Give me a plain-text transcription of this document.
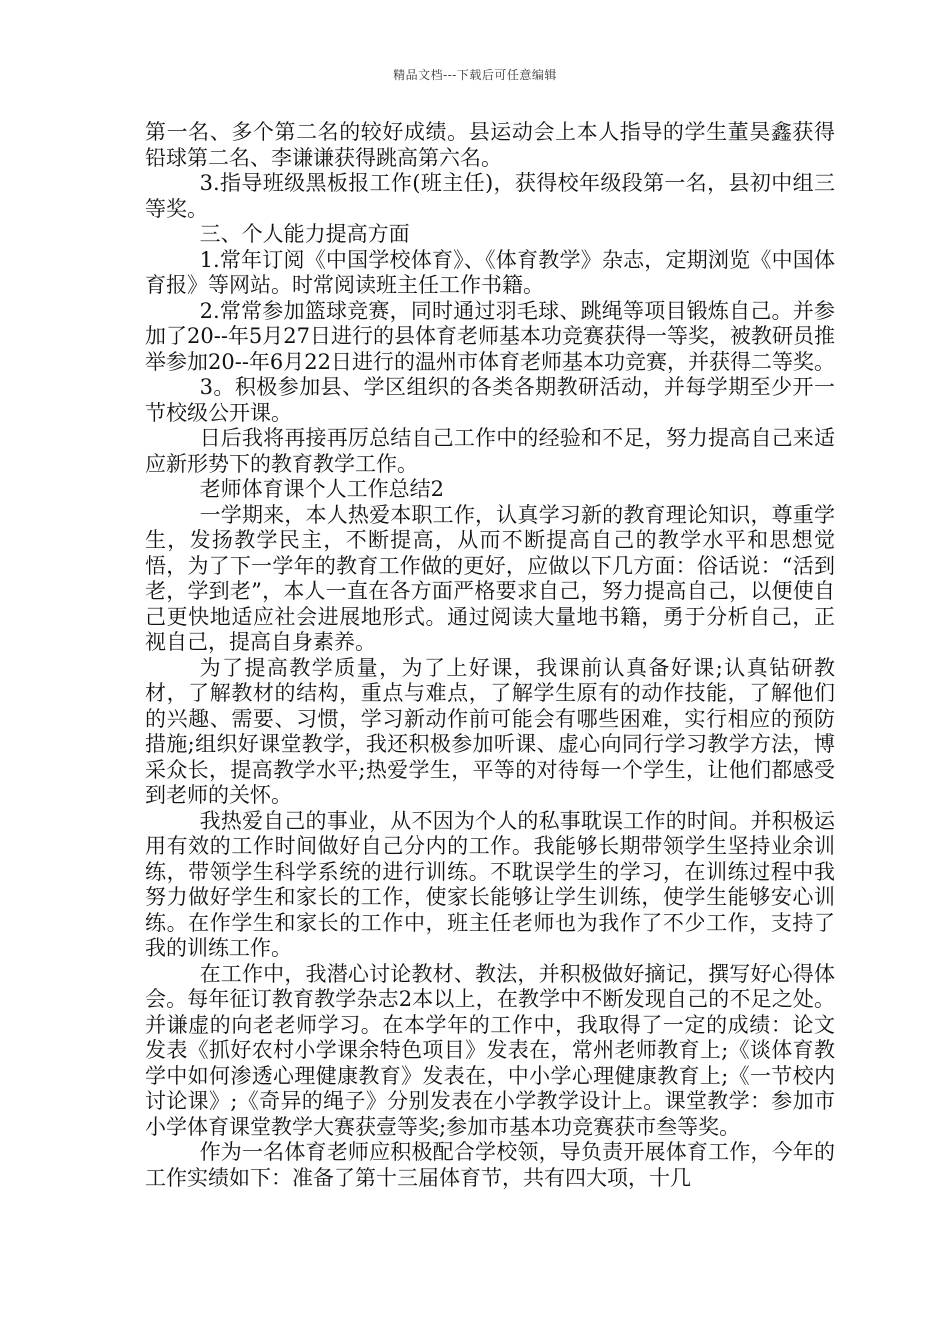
精品文档---下载后可任意编辑

第一名、多个第二名的较好成绩。县运动会上本人指导的学生董昊鑫获得铅球第二名、李谦谦获得跳高第六名。

3.指导班级黑板报工作(班主任)，获得校年级段第一名，县初中组三等奖。

三、个人能力提高方面

1.常年订阅《中国学校体育》、《体育教学》杂志，定期浏览《中国体育报》等网站。时常阅读班主任工作书籍。

2.常常参加篮球竞赛，同时通过羽毛球、跳绳等项目锻炼自己。并参加了20--年5月27日进行的县体育老师基本功竞赛获得一等奖，被教研员推举参加20--年6月22日进行的温州市体育老师基本功竞赛，并获得二等奖。

3。积极参加县、学区组织的各类各期教研活动，并每学期至少开一节校级公开课。

日后我将再接再厉总结自己工作中的经验和不足，努力提高自己来适应新形势下的教育教学工作。

老师体育课个人工作总结2

一学期来，本人热爱本职工作，认真学习新的教育理论知识，尊重学生，发扬教学民主，不断提高，从而不断提高自己的教学水平和思想觉悟，为了下一学年的教育工作做的更好，应做以下几方面：俗话说：“活到老，学到老”，本人一直在各方面严格要求自己，努力提高自己，以便使自己更快地适应社会进展地形式。通过阅读大量地书籍，勇于分析自己，正视自己，提高自身素养。

为了提高教学质量，为了上好课，我课前认真备好课;认真钻研教材，了解教材的结构，重点与难点，了解学生原有的动作技能，了解他们的兴趣、需要、习惯，学习新动作前可能会有哪些困难，实行相应的预防措施;组织好课堂教学，我还积极参加听课、虚心向同行学习教学方法，博采众长，提高教学水平;热爱学生，平等的对待每一个学生，让他们都感受到老师的关怀。

我热爱自己的事业，从不因为个人的私事耽误工作的时间。并积极运用有效的工作时间做好自己分内的工作。我能够长期带领学生坚持业余训练，带领学生科学系统的进行训练。不耽误学生的学习，在训练过程中我努力做好学生和家长的工作，使家长能够让学生训练，使学生能够安心训练。在作学生和家长的工作中，班主任老师也为我作了不少工作，支持了我的训练工作。

在工作中，我潜心讨论教材、教法，并积极做好摘记，撰写好心得体会。每年征订教育教学杂志2本以上，在教学中不断发现自己的不足之处。并谦虚的向老老师学习。在本学年的工作中，我取得了一定的成绩：论文发表《抓好农村小学课余特色项目》发表在，常州老师教育上;《谈体育教学中如何渗透心理健康教育》发表在，中小学心理健康教育上;《一节校内讨论课》;《奇异的绳子》分别发表在小学教学设计上。课堂教学：参加市小学体育课堂教学大赛获壹等奖;参加市基本功竞赛获市叁等奖。

作为一名体育老师应积极配合学校领，导负责开展体育工作，今年的工作实绩如下：准备了第十三届体育节，共有四大项，十几
